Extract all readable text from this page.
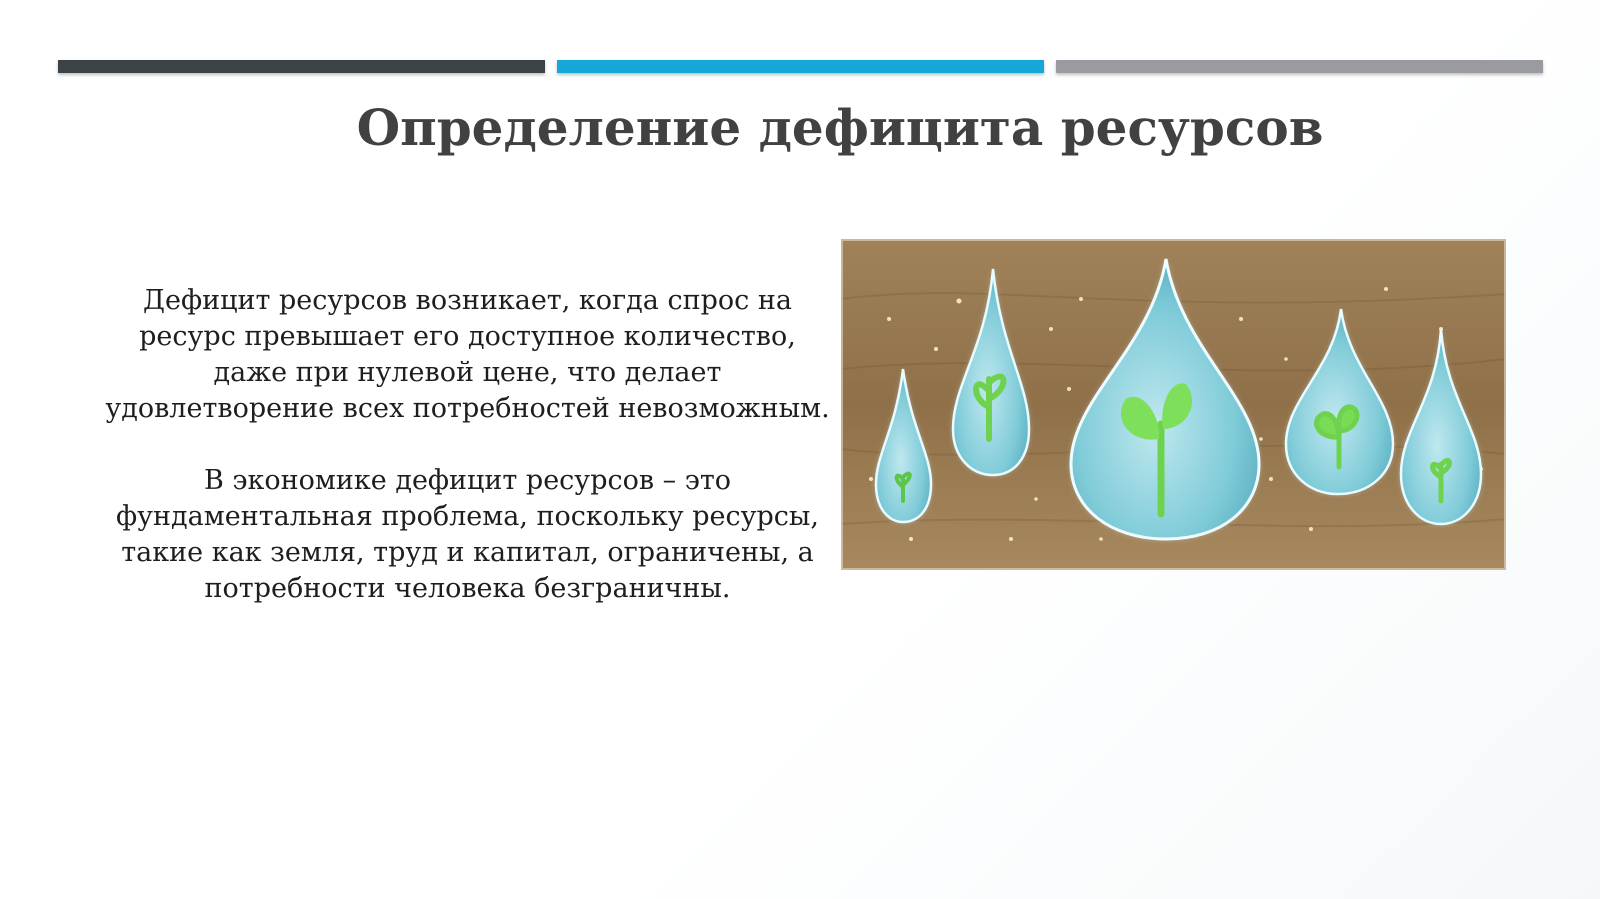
Определение дефицита ресурсов

Дефицит ресурсов возникает, когда спрос на ресурс превышает его доступное количество, даже при нулевой цене, что делает удовлетворение всех потребностей невозможным.

В экономике дефицит ресурсов – это фундаментальная проблема, поскольку ресурсы, такие как земля, труд и капитал, ограничены, а потребности человека безграничны.
